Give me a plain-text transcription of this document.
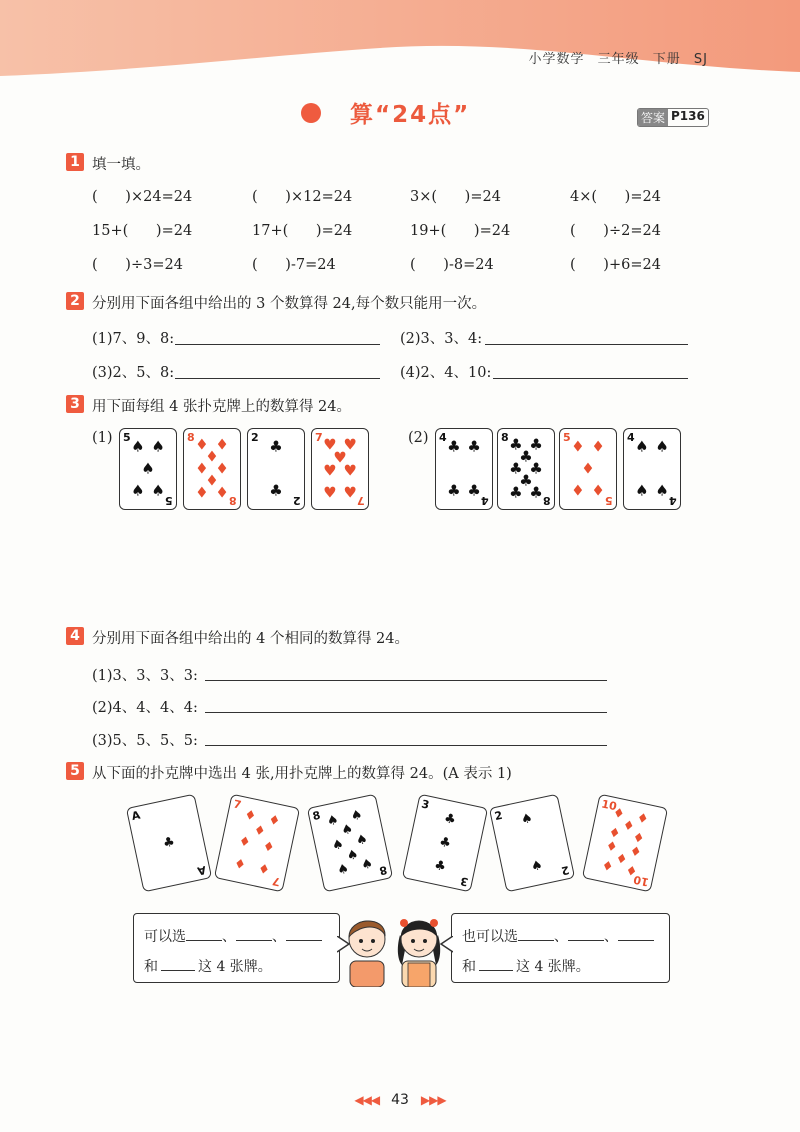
小学数学 三年级 下册 SJ
算“24点”	答案 P136
1 填一填。
(      )×24=24	(      )×12=24	3×(      )=24	4×(      )=24
15+(      )=24	17+(      )=24	19+(      )=24	(      )÷2=24
(      )÷3=24	(      )-7=24	(      )-8=24	(      )+6=24
2 分别用下面各组中给出的 3 个数算得 24,每个数只能用一次。
(1)7、9、8:	(2)3、3、4:
(3)2、5、8:	(4)2、4、10:
3 用下面每组 4 张扑克牌上的数算得 24。
(1)	(2)
5
5
♠ ♠
♠
♠ ♠
8
8
♦ ♦
♦
♦ ♦
♦
♦ ♦
2
2
♣
♣
7
7
♥ ♥
♥
♥ ♥
♥ ♥
4
4
♣ ♣
♣ ♣
8
8
♣ ♣
♣
♣ ♣
♣
♣ ♣
5
5
♦ ♦
♦
♦ ♦
4
4
♠ ♠
♠ ♠
4 分别用下面各组中给出的 4 个相同的数算得 24。
(1)3、3、3、3:
(2)4、4、4、4:
(3)5、5、5、5:
5 从下面的扑克牌中选出 4 张,用扑克牌上的数算得 24。(A 表示 1)
A
A
♣
7
7
♦ ♦
♦
♦ ♦
♦ ♦
8
8
♠ ♠
♠
♠ ♠
♠
♠ ♠
3
3
♣
♣
♣
2
2
♠
♠
10
10
♦ ♦
♦
♦ ♦
♦ ♦
♦
♦ ♦
可以选	、	、
和	这 4 张牌。
也可以选	、	、
和	这 4 张牌。
◀◀◀ 43 ▶▶▶
